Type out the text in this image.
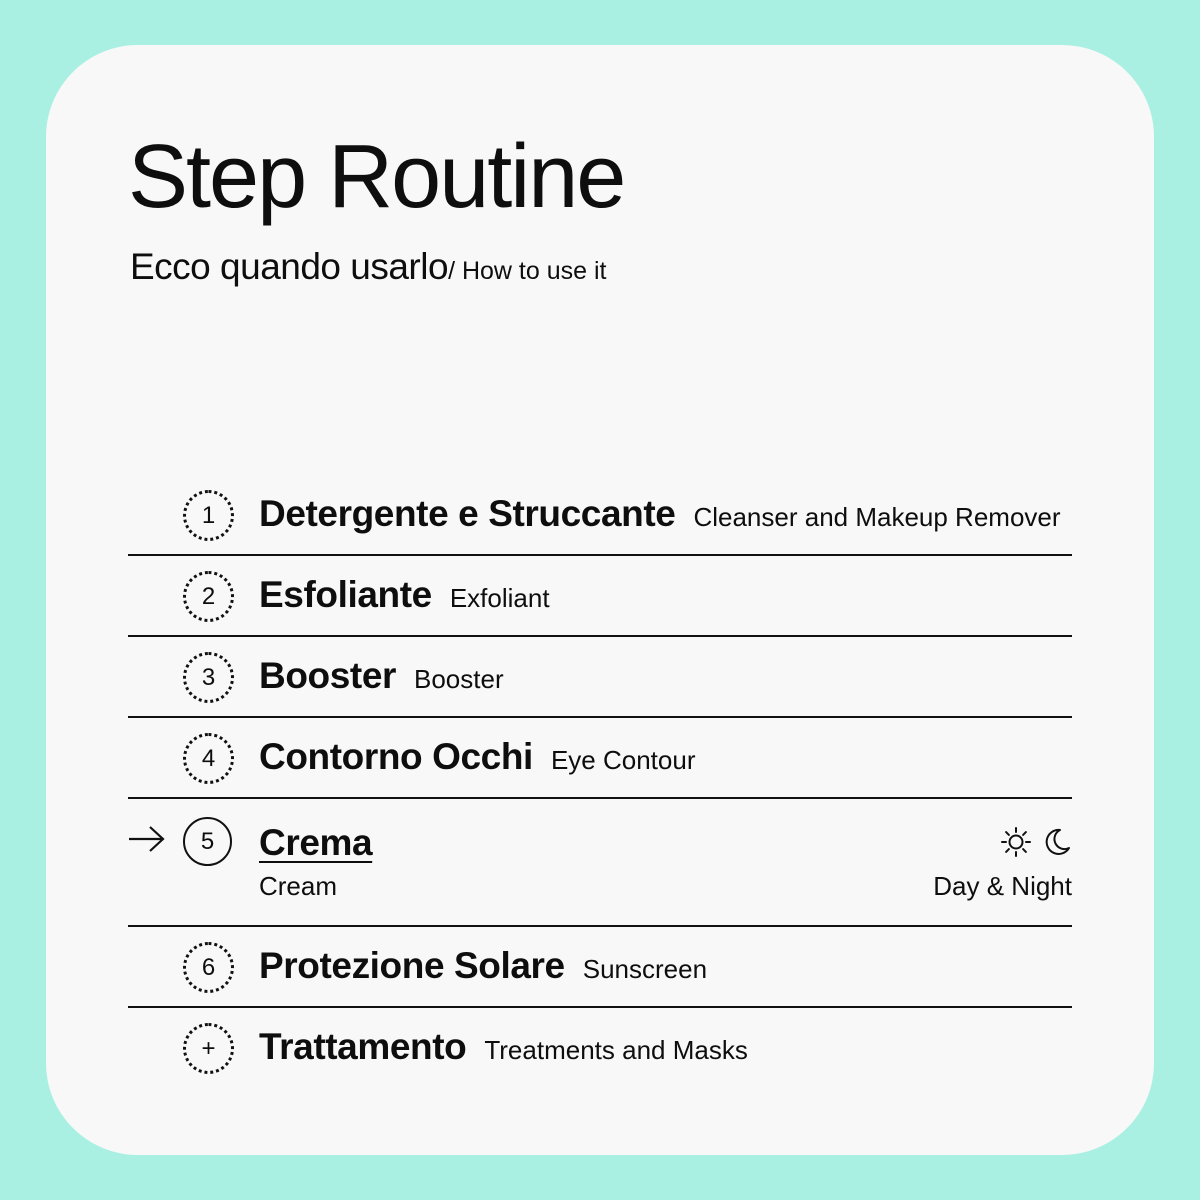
Step Routine
Ecco quando usarlo/ How to use it
1	Detergente e Struccante Cleanser and Makeup Remover
2	Esfoliante Exfoliant
3	Booster Booster
4	Contorno Occhi Eye Contour
5	Crema
Cream	Day & Night
6	Protezione Solare Sunscreen
+	Trattamento Treatments and Masks
